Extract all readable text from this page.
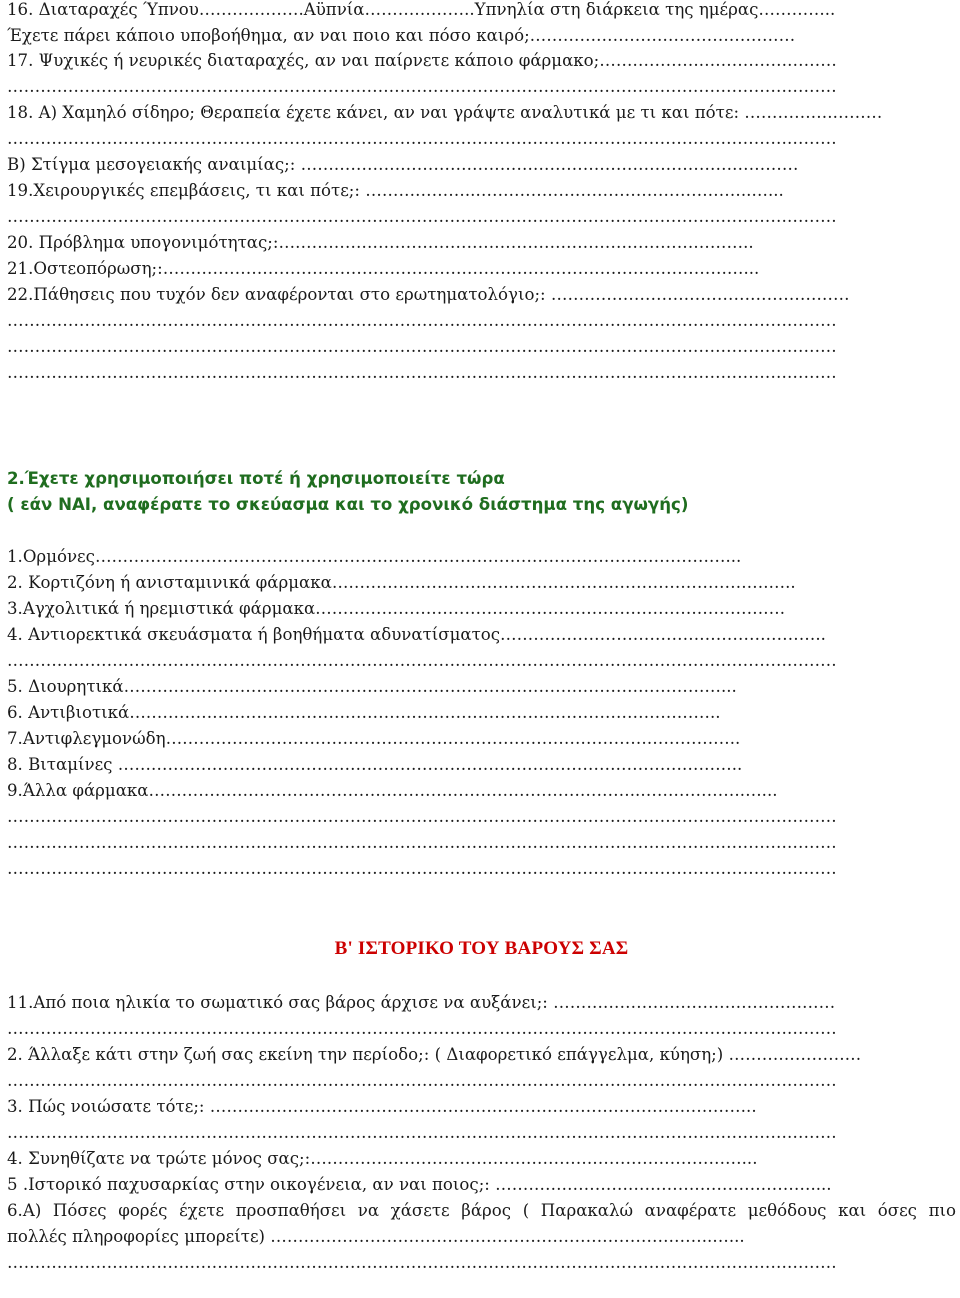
16. Διαταραχές Ύπνου……………….Αϋπνία………………..Υπνηλία στη διάρκεια της ημέρας…………..
Έχετε πάρει κάποιο υποβοήθημα, αν ναι ποιο και πόσο καιρό;…………………………………………
17. Ψυχικές ή νευρικές διαταραχές, αν ναι παίρνετε κάποιο φάρμακο;……………….……………………
……………………………………………………………………………………………………………………………………
18. Α) Χαμηλό σίδηρο; Θεραπεία έχετε κάνει, αν ναι γράψτε αναλυτικά με τι και πότε: …………….………
……………………………………………………………………………………………………………………………………
Β) Στίγμα μεσογειακής αναιμίας;: ………………………………………………………………………………
19.Χειρουργικές επεμβάσεις, τι και πότε;: ………………..…………………………………………..…...
……………………………………………………………………………………………………………………………………
20. Πρόβλημα υπογονιμότητας;:…………………………………………………………………………..
21.Οστεοπόρωση;:……………………………………………………………………………………………...
22.Πάθησεις που τυχόν δεν αναφέρονται στο ερωτηματολόγιο;: ………………………………………………
……………………………………………………………………………………………………………………………………
……………………………………………………………………………………………………………………………………
……………………………………………………………………………………………………………………………………
2.Έχετε χρησιμοποιήσει ποτέ ή χρησιμοποιείτε τώρα
( εάν ΝΑΙ, αναφέρατε το σκεύασμα και το χρονικό διάστημα της αγωγής)
1.Ορμόνες……………………………………………………………………………………………………...
2. Κορτιζόνη ή ανισταμινικά φάρμακα…………………………………………………………………….…..
3.Αγχολιτικά ή ηρεμιστικά φάρμακα………………………………………………………………………….
4. Αντιορεκτικά σκευάσματα ή βοηθήματα αδυνατίσματος…………………………………………………..
……………………………………………………………………………………………………………………………………
5. Διουρητικά………………………………………………………………………………………………...
6. Αντιβιοτικά……………………………………………………………………………………………..
7.Αντιφλεγμονώδη…………………………………………………………………………………………..
8. Βιταμίνες …………………………………………………………………………………………………..
9.Άλλα φάρμακα……………………………………………………………………………..……………….…...
……………………………………………………………………………………………………………………………………
……………………………………………………………………………………………………………………………………
……………………………………………………………………………………………………………………………………
Β' ΙΣΤΟΡΙΚΟ ΤΟΥ ΒΑΡΟΥΣ ΣΑΣ
11.Από ποια ηλικία το σωματικό σας βάρος άρχισε να αυξάνει;: ……………………………………………
……………………………………………………………………………………………………………………………………
2. Άλλαξε κάτι στην ζωή σας εκείνη την περίοδο;: ( Διαφορετικό επάγγελμα, κύηση;) ……………………
……………………………………………………………………………………………………………………………………
3. Πώς νοιώσατε τότε;: …………………………………………….………………………………………..
……………………………………………………………………………………………………………………………………
4. Συνηθίζατε να τρώτε μόνος σας;:……………………………………………………………………...
5 .Ιστορικό παχυσαρκίας στην οικογένεια, αν ναι ποιος;: …………………………………………………....
6.Α) Πόσες φορές έχετε προσπαθήσει να χάσετε βάρος ( Παρακαλώ αναφέρατε μεθόδους και όσες πιο
πολλές πληροφορίες μπορείτε) ……………………………………………………………………..…...
……………………………………………………………………………………………………………………………………
